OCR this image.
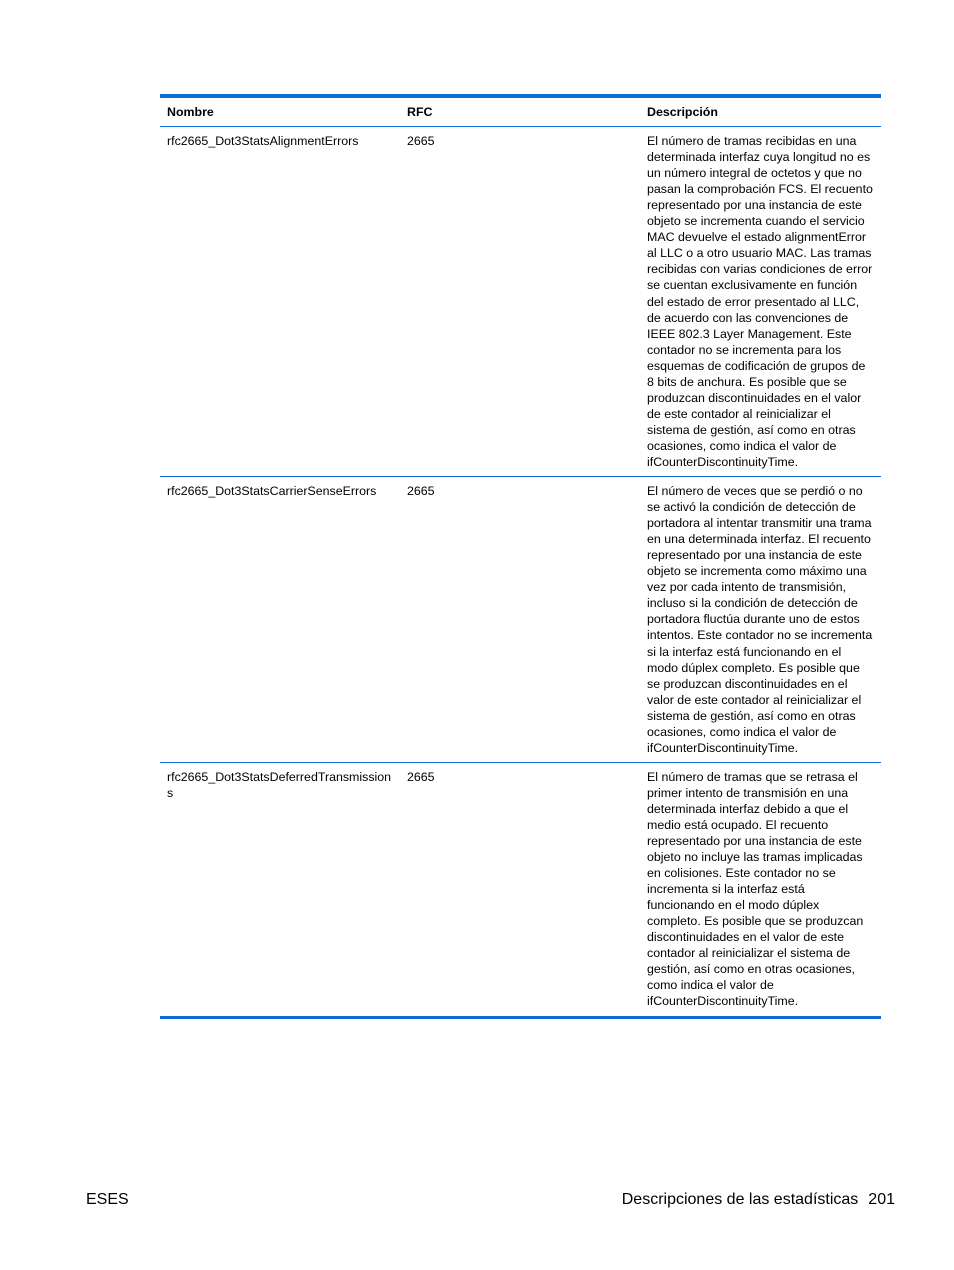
Nombre	RFC	Descripción
rfc2665_Dot3StatsAlignmentErrors	2665	El número de tramas recibidas en una determinada interfaz cuya longitud no es un número integral de octetos y que no pasan la comprobación FCS. El recuento representado por una instancia de este objeto se incrementa cuando el servicio MAC devuelve el estado alignmentError al LLC o a otro usuario MAC. Las tramas recibidas con varias condiciones de error se cuentan exclusivamente en función del estado de error presentado al LLC, de acuerdo con las convenciones de IEEE 802.3 Layer Management. Este contador no se incrementa para los esquemas de codificación de grupos de 8 bits de anchura. Es posible que se produzcan discontinuidades en el valor de este contador al reinicializar el sistema de gestión, así como en otras ocasiones, como indica el valor de ifCounterDiscontinuityTime.
rfc2665_Dot3StatsCarrierSenseErrors	2665	El número de veces que se perdió o no se activó la condición de detección de portadora al intentar transmitir una trama en una determinada interfaz. El recuento representado por una instancia de este objeto se incrementa como máximo una vez por cada intento de transmisión, incluso si la condición de detección de portadora fluctúa durante uno de estos intentos. Este contador no se incrementa si la interfaz está funcionando en el modo dúplex completo. Es posible que se produzcan discontinuidades en el valor de este contador al reinicializar el sistema de gestión, así como en otras ocasiones, como indica el valor de ifCounterDiscontinuityTime.
rfc2665_Dot3StatsDeferredTransmissions	2665	El número de tramas que se retrasa el primer intento de transmisión en una determinada interfaz debido a que el medio está ocupado. El recuento representado por una instancia de este objeto no incluye las tramas implicadas en colisiones. Este contador no se incrementa si la interfaz está funcionando en el modo dúplex completo. Es posible que se produzcan discontinuidades en el valor de este contador al reinicializar el sistema de gestión, así como en otras ocasiones, como indica el valor de ifCounterDiscontinuityTime.
ESES	Descripciones de las estadísticas 201
